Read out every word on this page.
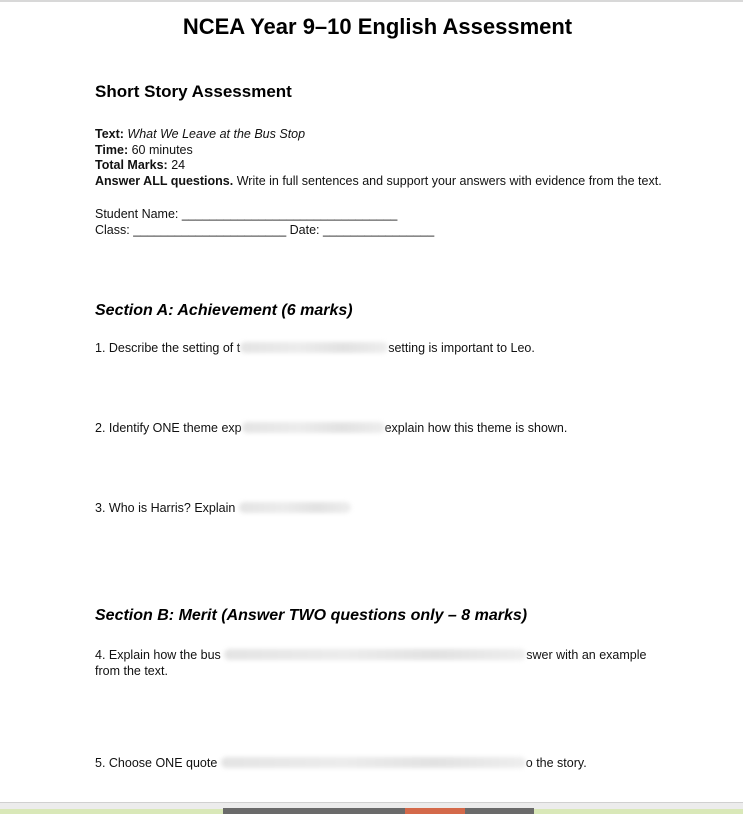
NCEA Year 9–10 English Assessment
Short Story Assessment
Text: What We Leave at the Bus Stop
Time: 60 minutes
Total Marks: 24
Answer ALL questions. Write in full sentences and support your answers with evidence from the text.
Student Name: _______________________________
Class: ______________________ Date: ________________
Section A: Achievement (6 marks)
1. Describe the setting of t	setting is important to Leo.
2. Identify ONE theme exp	explain how this theme is shown.
3. Who is Harris? Explain
Section B: Merit (Answer TWO questions only – 8 marks)
4. Explain how the bus	swer with an example
from the text.
5. Choose ONE quote	o the story.
